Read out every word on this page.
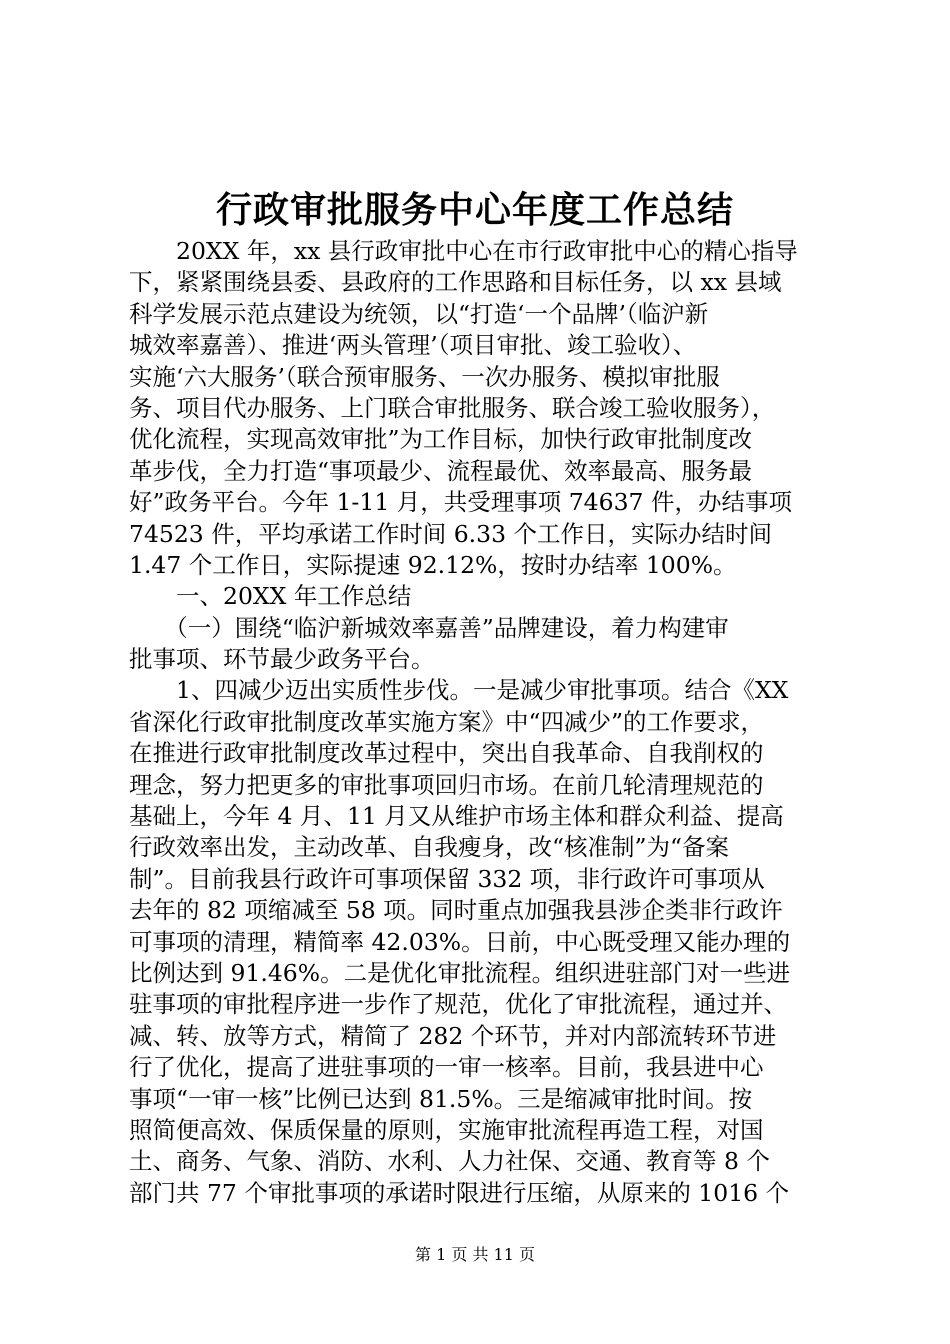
行政审批服务中心年度工作总结
　　20XX 年，xx 县行政审批中心在市行政审批中心的精心指导
下，紧紧围绕县委、县政府的工作思路和目标任务，以 xx 县域
科学发展示范点建设为统领，以“打造‘一个品牌’（临沪新
城效率嘉善）、推进‘两头管理’（项目审批、竣工验收）、
实施‘六大服务’（联合预审服务、一次办服务、模拟审批服
务、项目代办服务、上门联合审批服务、联合竣工验收服务），
优化流程，实现高效审批”为工作目标，加快行政审批制度改
革步伐，全力打造“事项最少、流程最优、效率最高、服务最
好”政务平台。今年 1-11 月，共受理事项 74637 件，办结事项
74523 件，平均承诺工作时间 6.33 个工作日，实际办结时间
1.47 个工作日，实际提速 92.12%，按时办结率 100%。
　　一、20XX 年工作总结
　　（一）围绕“临沪新城效率嘉善”品牌建设，着力构建审
批事项、环节最少政务平台。
　　1、四减少迈出实质性步伐。一是减少审批事项。结合《XX
省深化行政审批制度改革实施方案》中“四减少”的工作要求，
在推进行政审批制度改革过程中，突出自我革命、自我削权的
理念，努力把更多的审批事项回归市场。在前几轮清理规范的
基础上，今年 4 月、11 月又从维护市场主体和群众利益、提高
行政效率出发，主动改革、自我瘦身，改“核准制”为“备案
制”。目前我县行政许可事项保留 332 项，非行政许可事项从
去年的 82 项缩减至 58 项。同时重点加强我县涉企类非行政许
可事项的清理，精简率 42.03%。日前，中心既受理又能办理的
比例达到 91.46%。二是优化审批流程。组织进驻部门对一些进
驻事项的审批程序进一步作了规范，优化了审批流程，通过并、
减、转、放等方式，精简了 282 个环节，并对内部流转环节进
行了优化，提高了进驻事项的一审一核率。目前，我县进中心
事项“一审一核”比例已达到 81.5%。三是缩减审批时间。按
照简便高效、保质保量的原则，实施审批流程再造工程，对国
土、商务、气象、消防、水利、人力社保、交通、教育等 8 个
部门共 77 个审批事项的承诺时限进行压缩，从原来的 1016 个
第 1 页 共 11 页
